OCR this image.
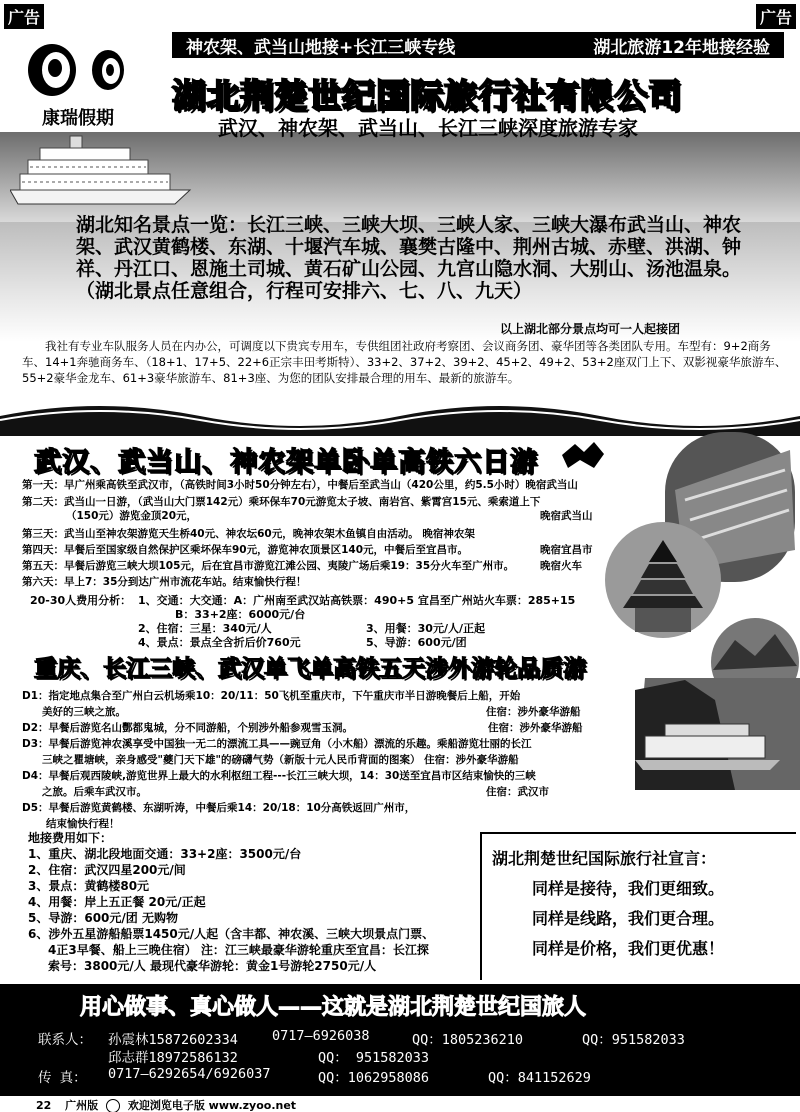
广告	广告
神农架、武当山地接+长江三峡专线	湖北旅游12年地接经验
康瑞假期
湖北荆楚世纪国际旅行社有限公司
武汉、神农架、武当山、长江三峡深度旅游专家
湖北知名景点一览：长江三峡、三峡大坝、三峡人家、三峡大瀑布武当山、神农架、武汉黄鹤楼、东湖、十堰汽车城、襄樊古隆中、荆州古城、赤壁、洪湖、钟祥、丹江口、恩施土司城、黄石矿山公园、九宫山隐水洞、大别山、汤池温泉。（湖北景点任意组合，行程可安排六、七、八、九天）
以上湖北部分景点均可一人起接团
我社有专业车队服务人员在内办公，可调度以下贵宾专用车，专供组团社政府考察团、会议商务团、豪华团等各类团队专用。车型有：9+2商务车、14+1奔驰商务车、（18+1、17+5、22+6正宗丰田考斯特）、33+2、37+2、39+2、45+2、49+2、53+2座双门上下、双影视豪华旅游车、55+2豪华金龙车、61+3豪华旅游车、81+3座、为您的团队安排最合理的用车、最新的旅游车。
武汉、武当山、神农架单卧单高铁六日游
第一天：早广州乘高铁至武汉市，（高铁时间3小时50分钟左右），中餐后至武当山（420公里，约5.5小时）晚宿武当山
第二天：武当山一日游，（武当山大门票142元）乘环保车70元游览太子坡、南岩宫、紫霄宫15元、乘索道上下
（150元）游览金顶20元，	晚宿武当山
第三天：武当山至神农架游览天生桥40元、神农坛60元，晚神农架木鱼镇自由活动。 晚宿神农架
第四天：早餐后至国家级自然保护区乘坏保车90元，游览神农顶景区140元，中餐后至宜昌市。	晚宿宜昌市
第五天：早餐后游览三峡大坝105元，后在宜昌市游览江滩公园、夷陵广场后乘19：35分火车至广州市。 晚宿火车
第六天：早上7：35分到达广州市流花车站。结束愉快行程！
20-30人费用分析： 1、交通：大交通：A：广州南至武汉站高铁票：490+5 宜昌至广州站火车票：285+15
B：33+2座：6000元/台
2、住宿：三星：340元/人	3、用餐：30元/人/正起
4、景点：景点全含折后价760元	5、导游：600元/团
重庆、长江三峡、武汉单飞单高铁五天涉外游轮品质游
D1：指定地点集合至广州白云机场乘10：20/11：50飞机至重庆市，下午重庆市半日游晚餐后上船，开始
美好的三峡之旅。	住宿：涉外豪华游船
D2：早餐后游览名山酆都鬼城，分不同游船，个别涉外船参观雪玉洞。	住宿：涉外豪华游船
D3：早餐后游览神农溪享受中国独一无二的漂流工具——豌豆角（小木船）漂流的乐趣。乘船游览壮丽的长江
三峡之瞿塘峡，亲身感受"夔门天下雄"的磅礴气势（新版十元人民币背面的图案） 住宿：涉外豪华游船
D4：早餐后观西陵峡,游览世界上最大的水利枢纽工程---长江三峡大坝，14：30送至宜昌市区结束愉快的三峡
之旅。后乘车武汉市。	住宿：武汉市
D5：早餐后游览黄鹤楼、东湖听涛，中餐后乘14：20/18：10分高铁返回广州市，
结束愉快行程！
地接费用如下：
1、重庆、湖北段地面交通：33+2座：3500元/台
2、住宿：武汉四星200元/间
3、景点：黄鹤楼80元
4、用餐：岸上五正餐 20元/正起
5、导游：600元/团 无购物
6、涉外五星游船船票1450元/人起（含丰都、神农溪、三峡大坝景点门票、
4正3早餐、船上三晚住宿） 注：江三峡最豪华游轮重庆至宜昌：长江探
索号：3800元/人 最现代豪华游轮：黄金1号游轮2750元/人
湖北荆楚世纪国际旅行社宣言：
同样是接待，我们更细致。
同样是线路，我们更合理。
同样是价格，我们更优惠！
用心做事、真心做人——这就是湖北荆楚世纪国旅人
联系人： 孙震林15872602334	0717—6926038	QQ：1805236210	QQ：951582033
邱志群18972586132	QQ： 951582033
传 真： 0717—6292654/6926037	QQ：1062958086	QQ：841152629
22 广州版	欢迎浏览电子版 www.zyoo.net
